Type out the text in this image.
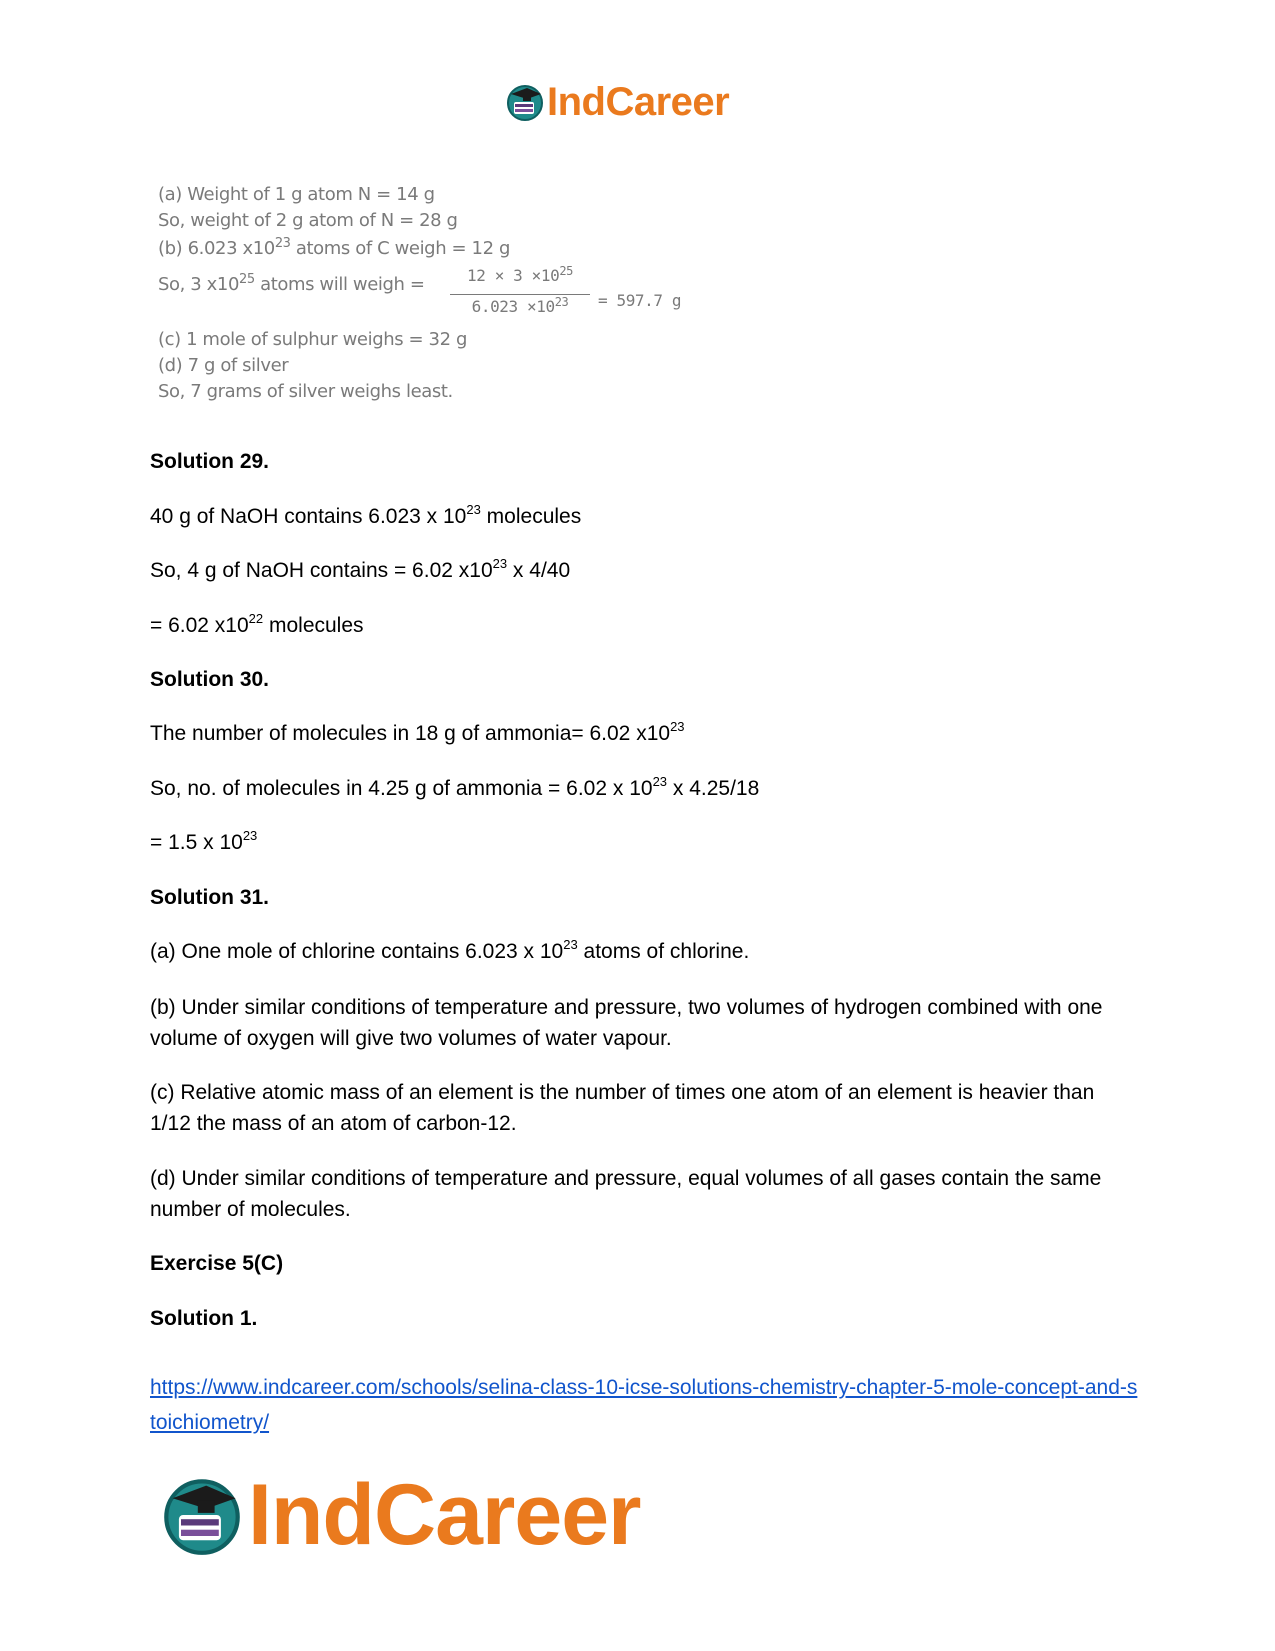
IndCareer
(a) Weight of 1 g atom N = 14 g
So, weight of 2 g atom of N = 28 g
(b) 6.023 $x10^{23}$ atoms of C weigh = 12 g
So, 3 $x10^{25}$ atoms will weigh =	$12 \times 3 \times 10^{25}$
$6.023 \times 10^{23}$	= 597.7 g
(c) 1 mole of sulphur weighs = 32 g
(d) 7 g of silver
So, 7 grams of silver weighs least.
Solution 29.
40 g of NaOH contains 6.023 x $10^{23}$ molecules
So, 4 g of NaOH contains = 6.02 $x10^{23}$ x 4/40
= 6.02 $x10^{22}$ molecules
Solution 30.
The number of molecules in 18 g of ammonia= 6.02 $x10^{23}$
So, no. of molecules in 4.25 g of ammonia = 6.02 x $10^{23}$ x 4.25/18
= 1.5 x $10^{23}$
Solution 31.
(a) One mole of chlorine contains 6.023 x $10^{23}$ atoms of chlorine.
(b) Under similar conditions of temperature and pressure, two volumes of hydrogen combined with one volume of oxygen will give two volumes of water vapour.
(c) Relative atomic mass of an element is the number of times one atom of an element is heavier than 1/12 the mass of an atom of carbon-12.
(d) Under similar conditions of temperature and pressure, equal volumes of all gases contain the same number of molecules.
Exercise 5(C)
Solution 1.
https://www.indcareer.com/schools/selina-class-10-icse-solutions-chemistry-chapter-5-mole-concept-and-stoichiometry/
IndCareer
